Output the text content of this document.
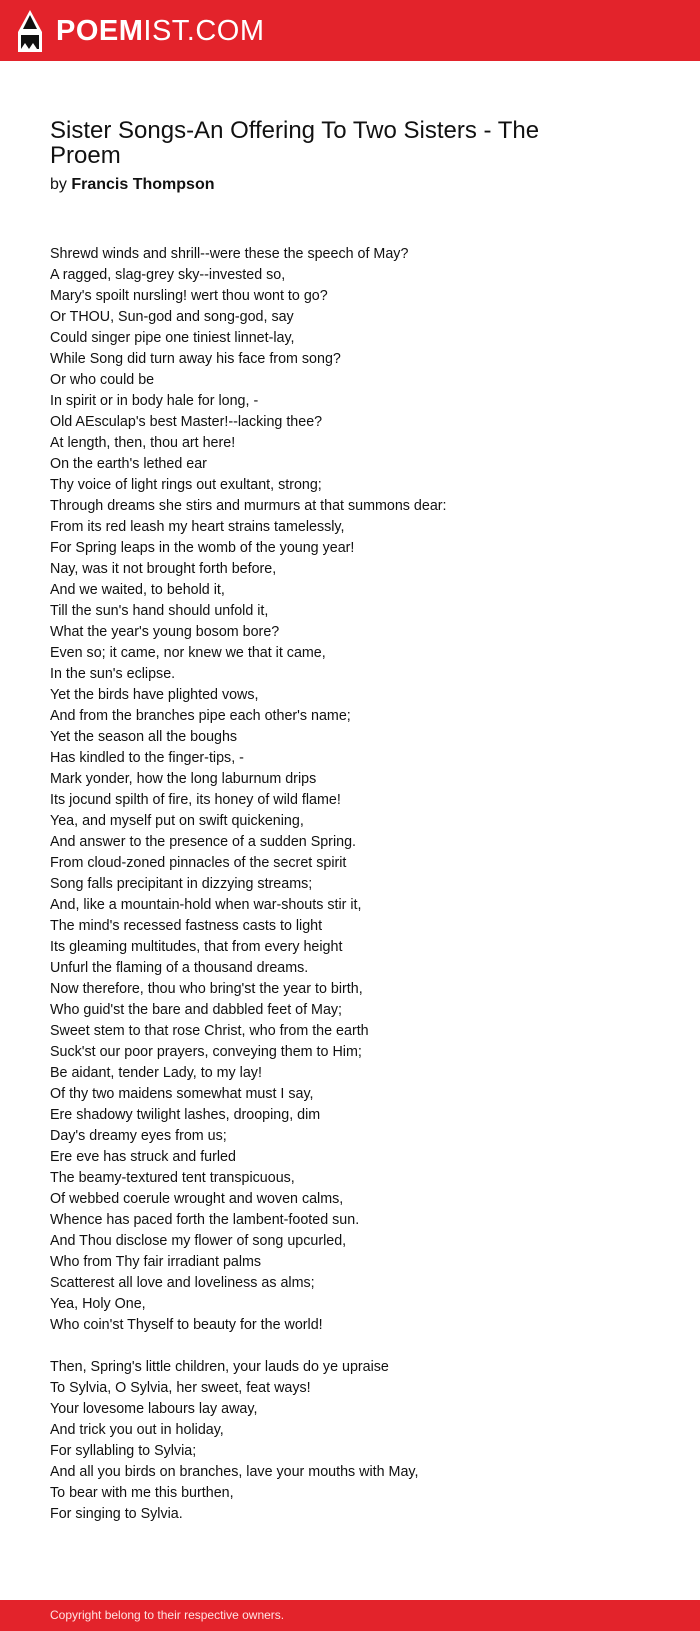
POEMIST.COM
Sister Songs-An Offering To Two Sisters - The Proem
by Francis Thompson

Shrewd winds and shrill--were these the speech of May?
A ragged, slag-grey sky--invested so,
Mary's spoilt nursling! wert thou wont to go?
Or THOU, Sun-god and song-god, say
Could singer pipe one tiniest linnet-lay,
While Song did turn away his face from song?
Or who could be
In spirit or in body hale for long, -
Old AEsculap's best Master!--lacking thee?
At length, then, thou art here!
On the earth's lethed ear
Thy voice of light rings out exultant, strong;
Through dreams she stirs and murmurs at that summons dear:
From its red leash my heart strains tamelessly,
For Spring leaps in the womb of the young year!
Nay, was it not brought forth before,
And we waited, to behold it,
Till the sun's hand should unfold it,
What the year's young bosom bore?
Even so; it came, nor knew we that it came,
In the sun's eclipse.
Yet the birds have plighted vows,
And from the branches pipe each other's name;
Yet the season all the boughs
Has kindled to the finger-tips, -
Mark yonder, how the long laburnum drips
Its jocund spilth of fire, its honey of wild flame!
Yea, and myself put on swift quickening,
And answer to the presence of a sudden Spring.
From cloud-zoned pinnacles of the secret spirit
Song falls precipitant in dizzying streams;
And, like a mountain-hold when war-shouts stir it,
The mind's recessed fastness casts to light
Its gleaming multitudes, that from every height
Unfurl the flaming of a thousand dreams.
Now therefore, thou who bring'st the year to birth,
Who guid'st the bare and dabbled feet of May;
Sweet stem to that rose Christ, who from the earth
Suck'st our poor prayers, conveying them to Him;
Be aidant, tender Lady, to my lay!
Of thy two maidens somewhat must I say,
Ere shadowy twilight lashes, drooping, dim
Day's dreamy eyes from us;
Ere eve has struck and furled
The beamy-textured tent transpicuous,
Of webbed coerule wrought and woven calms,
Whence has paced forth the lambent-footed sun.
And Thou disclose my flower of song upcurled,
Who from Thy fair irradiant palms
Scatterest all love and loveliness as alms;
Yea, Holy One,
Who coin'st Thyself to beauty for the world!

Then, Spring's little children, your lauds do ye upraise
To Sylvia, O Sylvia, her sweet, feat ways!
Your lovesome labours lay away,
And trick you out in holiday,
For syllabling to Sylvia;
And all you birds on branches, lave your mouths with May,
To bear with me this burthen,
For singing to Sylvia.

Copyright belong to their respective owners.
